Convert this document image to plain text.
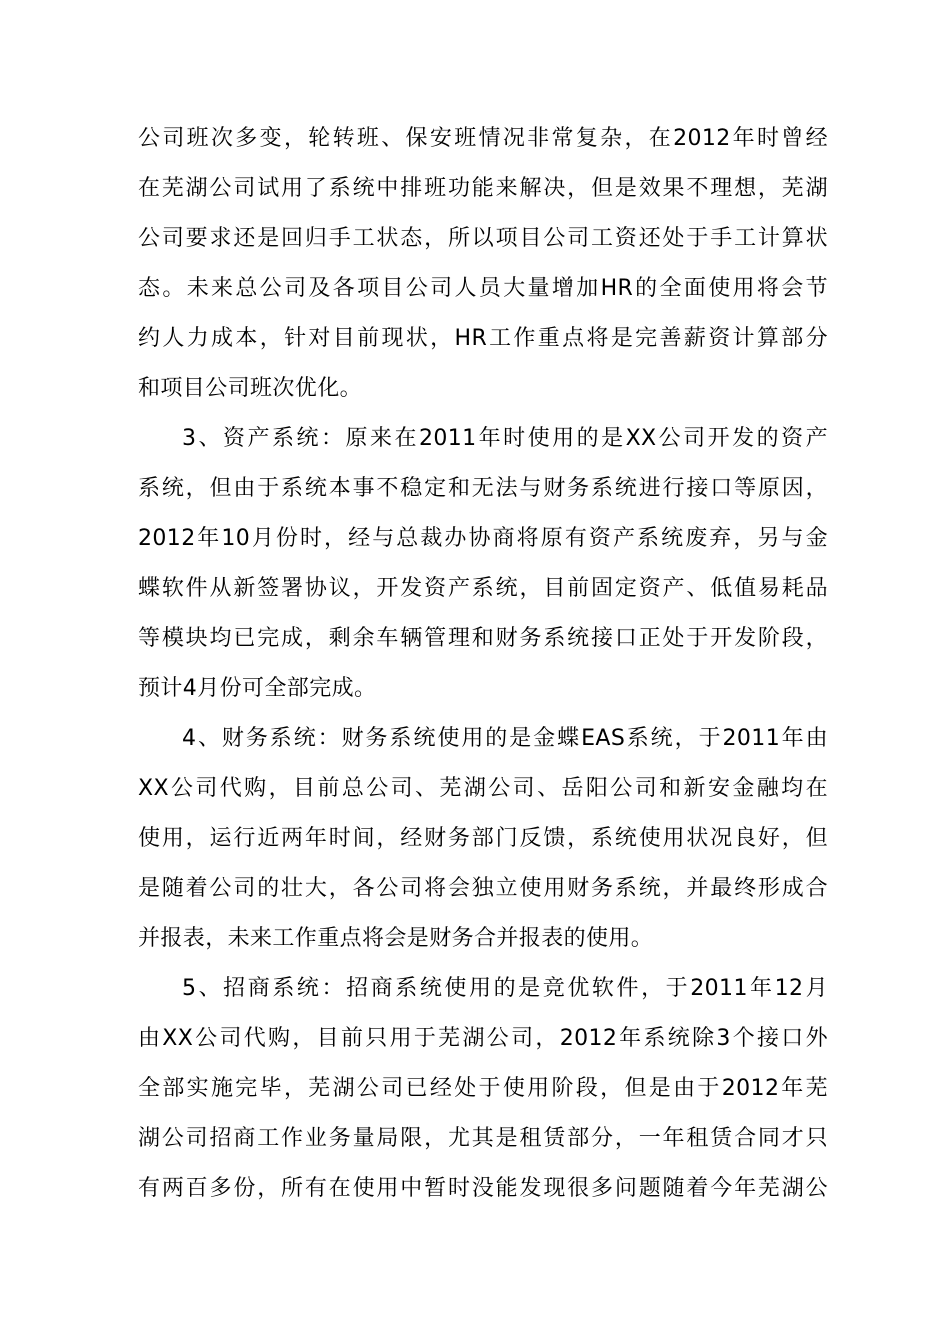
公司班次多变，轮转班、保安班情况非常复杂，在2012年时曾经
在芜湖公司试用了系统中排班功能来解决，但是效果不理想，芜湖
公司要求还是回归手工状态，所以项目公司工资还处于手工计算状
态。未来总公司及各项目公司人员大量增加HR的全面使用将会节
约人力成本，针对目前现状，HR工作重点将是完善薪资计算部分
和项目公司班次优化。
3、资产系统：原来在2011年时使用的是XX公司开发的资产
系统，但由于系统本事不稳定和无法与财务系统进行接口等原因，
2012年10月份时，经与总裁办协商将原有资产系统废弃，另与金
蝶软件从新签署协议，开发资产系统，目前固定资产、低值易耗品
等模块均已完成，剩余车辆管理和财务系统接口正处于开发阶段，
预计4月份可全部完成。
4、财务系统：财务系统使用的是金蝶EAS系统，于2011年由
XX公司代购，目前总公司、芜湖公司、岳阳公司和新安金融均在
使用，运行近两年时间，经财务部门反馈，系统使用状况良好，但
是随着公司的壮大，各公司将会独立使用财务系统，并最终形成合
并报表，未来工作重点将会是财务合并报表的使用。
5、招商系统：招商系统使用的是竞优软件，于2011年12月
由XX公司代购，目前只用于芜湖公司，2012年系统除3个接口外
全部实施完毕，芜湖公司已经处于使用阶段，但是由于2012年芜
湖公司招商工作业务量局限，尤其是租赁部分，一年租赁合同才只
有两百多份，所有在使用中暂时没能发现很多问题随着今年芜湖公
